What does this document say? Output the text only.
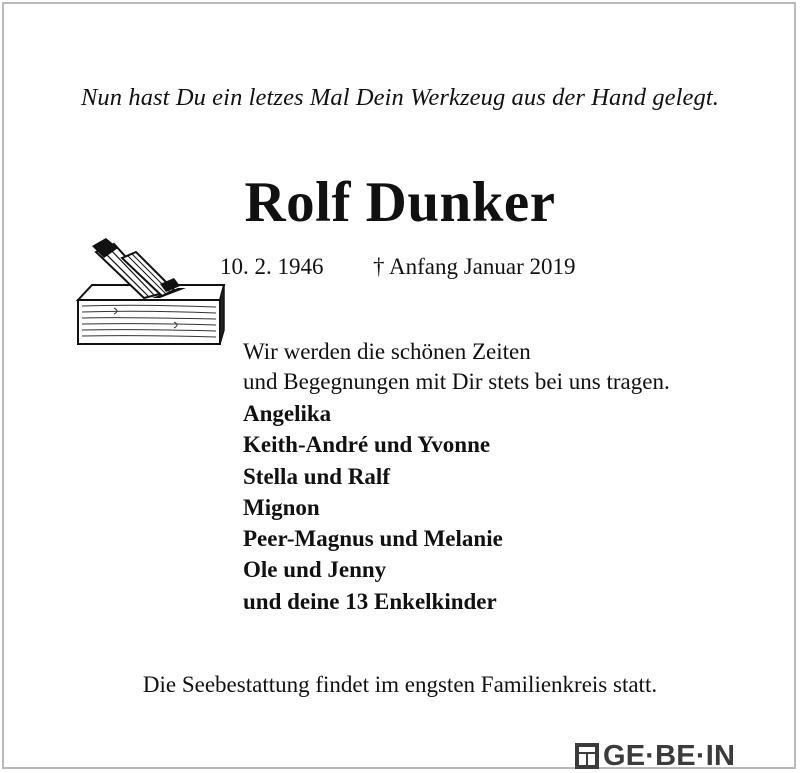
Nun hast Du ein letzes Mal Dein Werkzeug aus der Hand gelegt.
Rolf Dunker
10. 2. 1946 † Anfang Januar 2019
Wir werden die schönen Zeiten
und Begegnungen mit Dir stets bei uns tragen.
Angelika
Keith-André und Yvonne
Stella und Ralf
Mignon
Peer-Magnus und Melanie
Ole und Jenny
und deine 13 Enkelkinder
Die Seebestattung findet im engsten Familienkreis statt.
GE·BE·IN
